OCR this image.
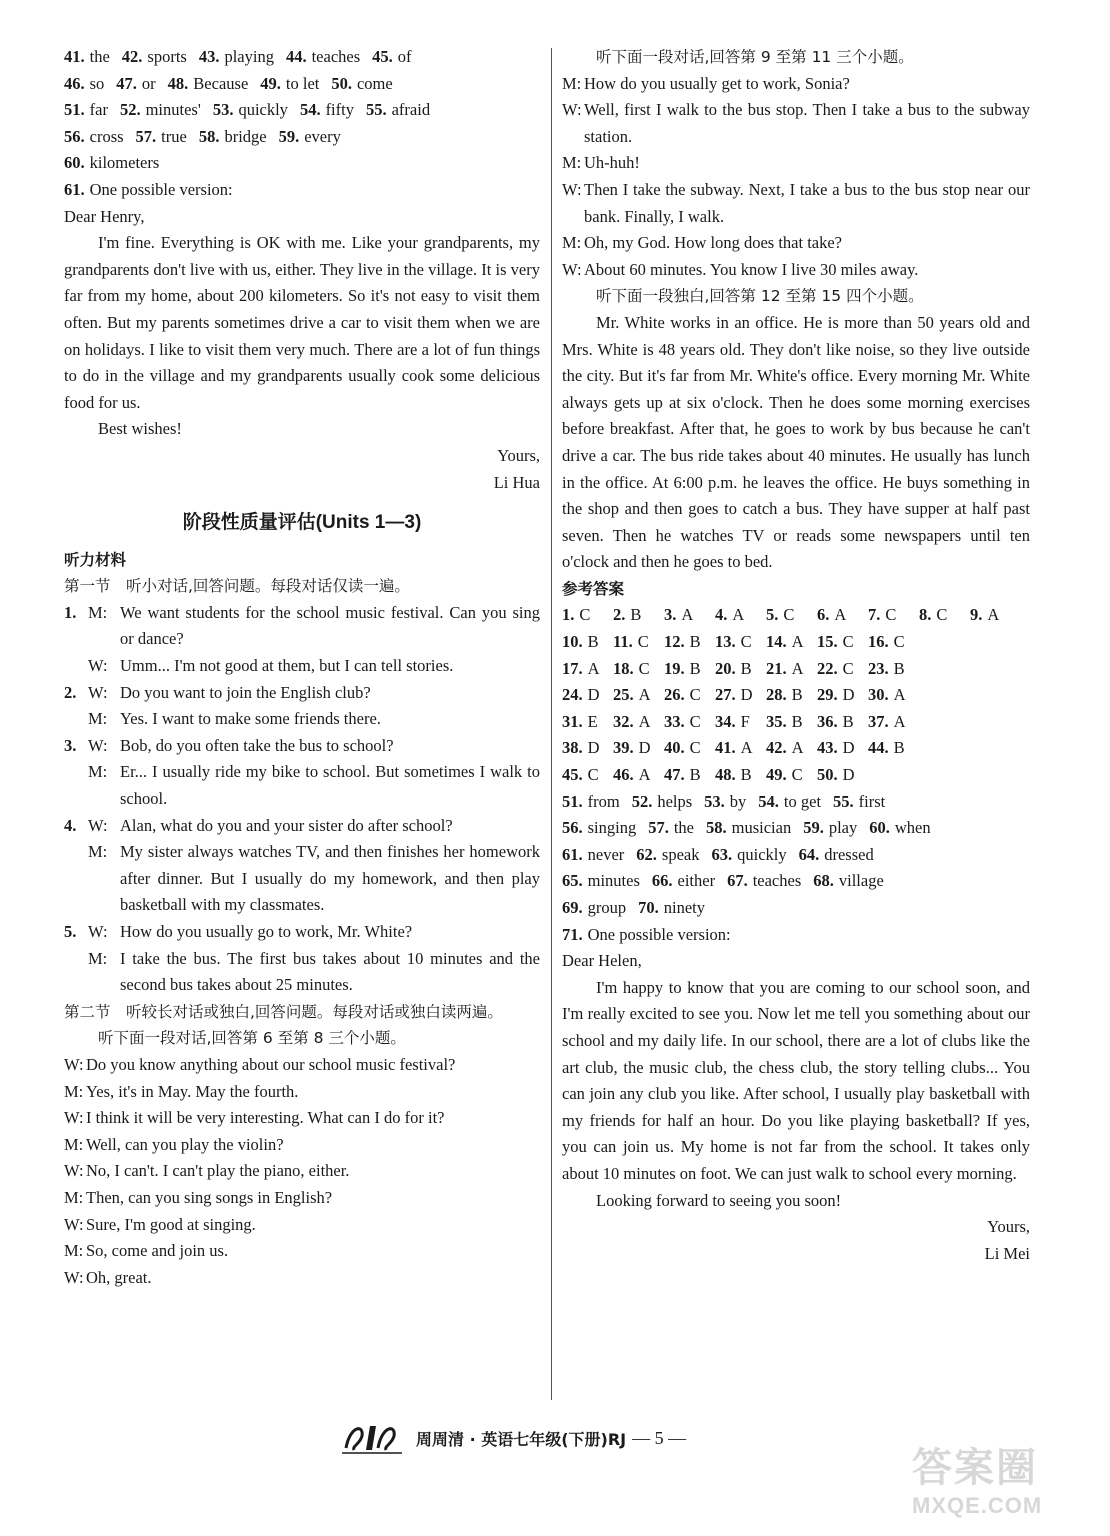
41. the 42. sports 43. playing 44. teaches 45. of
46. so 47. or 48. Because 49. to let 50. come
51. far 52. minutes' 53. quickly 54. fifty 55. afraid
56. cross 57. true 58. bridge 59. every
60. kilometers
61. One possible version:
Dear Henry,

I'm fine. Everything is OK with me. Like your grandparents, my grandparents don't live with us, either. They live in the village. It is very far from my home, about 200 kilometers. So it's not easy to visit them often. But my parents sometimes drive a car to visit them when we are on holidays. I like to visit them very much. There are a lot of fun things to do in the village and my grandparents usually cook some delicious food for us.

Best wishes!
Yours,
Li Hua
阶段性质量评估(Units 1—3)
听力材料
第一节　听小对话,回答问题。每段对话仅读一遍。
1. M: We want students for the school music festival. Can you sing or dance?
W: Umm... I'm not good at them, but I can tell stories.
2. W: Do you want to join the English club?
M: Yes. I want to make some friends there.
3. W: Bob, do you often take the bus to school?
M: Er... I usually ride my bike to school. But sometimes I walk to school.
4. W: Alan, what do you and your sister do after school?
M: My sister always watches TV, and then finishes her homework after dinner. But I usually do my homework, and then play basketball with my classmates.
5. W: How do you usually go to work, Mr. White?
M: I take the bus. The first bus takes about 10 minutes and the second bus takes about 25 minutes.
第二节　听较长对话或独白,回答问题。每段对话或独白读两遍。
听下面一段对话,回答第 6 至第 8 三个小题。
W: Do you know anything about our school music festival?
M: Yes, it's in May. May the fourth.
W: I think it will be very interesting. What can I do for it?
M: Well, can you play the violin?
W: No, I can't. I can't play the piano, either.
M: Then, can you sing songs in English?
W: Sure, I'm good at singing.
M: So, come and join us.
W: Oh, great.
听下面一段对话,回答第 9 至第 11 三个小题。
M: How do you usually get to work, Sonia?
W: Well, first I walk to the bus stop. Then I take a bus to the subway station.
M: Uh-huh!
W: Then I take the subway. Next, I take a bus to the bus stop near our bank. Finally, I walk.
M: Oh, my God. How long does that take?
W: About 60 minutes. You know I live 30 miles away.
听下面一段独白,回答第 12 至第 15 四个小题。

Mr. White works in an office. He is more than 50 years old and Mrs. White is 48 years old. They don't like noise, so they live outside the city. But it's far from Mr. White's office. Every morning Mr. White always gets up at six o'clock. Then he does some morning exercises before breakfast. After that, he goes to work by bus because he can't drive a car. The bus ride takes about 40 minutes. He usually has lunch in the office. At 6:00 p.m. he leaves the office. He buys something in the shop and then goes to catch a bus. They have supper at half past seven. Then he watches TV or reads some newspapers until ten o'clock and then he goes to bed.

参考答案
1. C 2. B 3. A 4. A 5. C 6. A 7. C 8. C 9. A
10. B 11. C 12. B 13. C 14. A 15. C 16. C
17. A 18. C 19. B 20. B 21. A 22. C 23. B
24. D 25. A 26. C 27. D 28. B 29. D 30. A
31. E 32. A 33. C 34. F 35. B 36. B 37. A
38. D 39. D 40. C 41. A 42. A 43. D 44. B
45. C 46. A 47. B 48. B 49. C 50. D
51. from 52. helps 53. by 54. to get 55. first
56. singing 57. the 58. musician 59. play 60. when
61. never 62. speak 63. quickly 64. dressed
65. minutes 66. either 67. teaches 68. village
69. group 70. ninety
71. One possible version:
Dear Helen,

I'm happy to know that you are coming to our school soon, and I'm really excited to see you. Now let me tell you something about our school and my daily life. In our school, there are a lot of clubs like the art club, the music club, the chess club, the story telling clubs... You can join any club you like. After school, I usually play basketball with my friends for half an hour. Do you like playing basketball? If yes, you can join us. My home is not far from the school. It takes only about 10 minutes on foot. We can just walk to school every morning.

Looking forward to seeing you soon!
Yours,
Li Mei
周周清 · 英语七年级(下册)RJ — 5 —
答案圈
MXQE.COM
